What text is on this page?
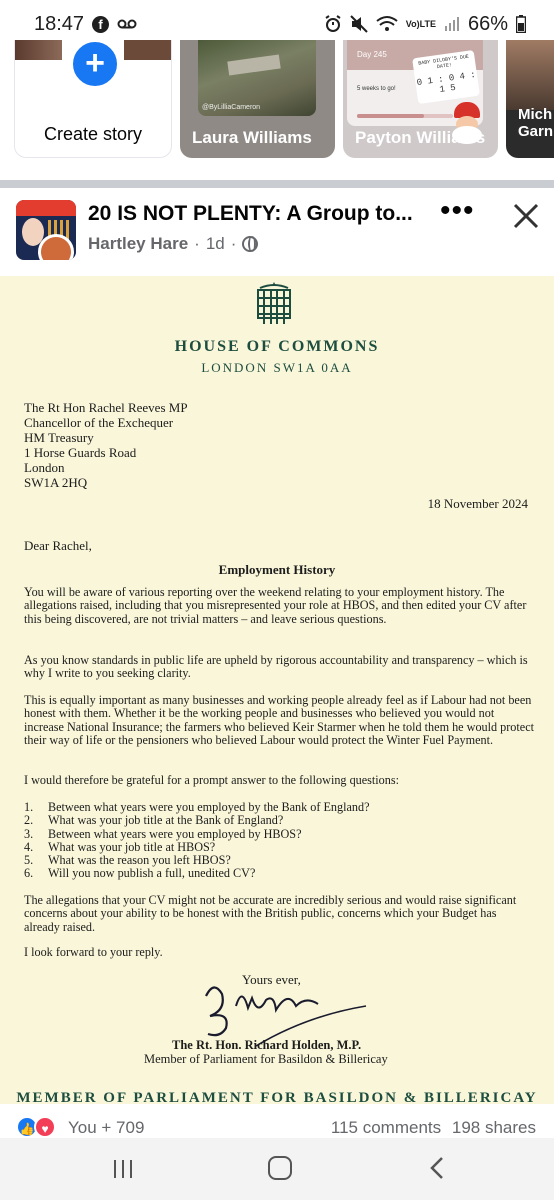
18:47	f	Vo) LTE 66%
+
Create story
@ByLilliaCameron
Laura Williams
Day 245
5 weeks to go!
BABY DILOBY'S DUE DATE!
0 1 : 0 4 : 1 5
Payton Williams
Mich Garn
20 IS NOT PLENTY: A Group to...
Hartley Hare · 1d ·
•••
HOUSE OF COMMONS
LONDON SW1A 0AA
The Rt Hon Rachel Reeves MP
Chancellor of the Exchequer
HM Treasury
1 Horse Guards Road
London
SW1A 2HQ
18 November 2024
Dear Rachel,
Employment History
You will be aware of various reporting over the weekend relating to your employment history. The allegations raised, including that you misrepresented your role at HBOS, and then edited your CV after this being discovered, are not trivial matters – and leave serious questions.
As you know standards in public life are upheld by rigorous accountability and transparency – which is why I write to you seeking clarity.
This is equally important as many businesses and working people already feel as if Labour had not been honest with them. Whether it be the working people and businesses who believed you would not increase National Insurance; the farmers who believed Keir Starmer when he told them he would protect their way of life or the pensioners who believed Labour would protect the Winter Fuel Payment.
I would therefore be grateful for a prompt answer to the following questions:
1.	Between what years were you employed by the Bank of England?
2.	What was your job title at the Bank of England?
3.	Between what years were you employed by HBOS?
4.	What was your job title at HBOS?
5.	What was the reason you left HBOS?
6.	Will you now publish a full, unedited CV?
The allegations that your CV might not be accurate are incredibly serious and would raise significant concerns about your ability to be honest with the British public, concerns which your Budget has already raised.
I look forward to your reply.
Yours ever,
The Rt. Hon. Richard Holden, M.P.
Member of Parliament for Basildon & Billericay
MEMBER OF PARLIAMENT FOR BASILDON & BILLERICAY
👍 ♥	You + 709	115 comments 198 shares
